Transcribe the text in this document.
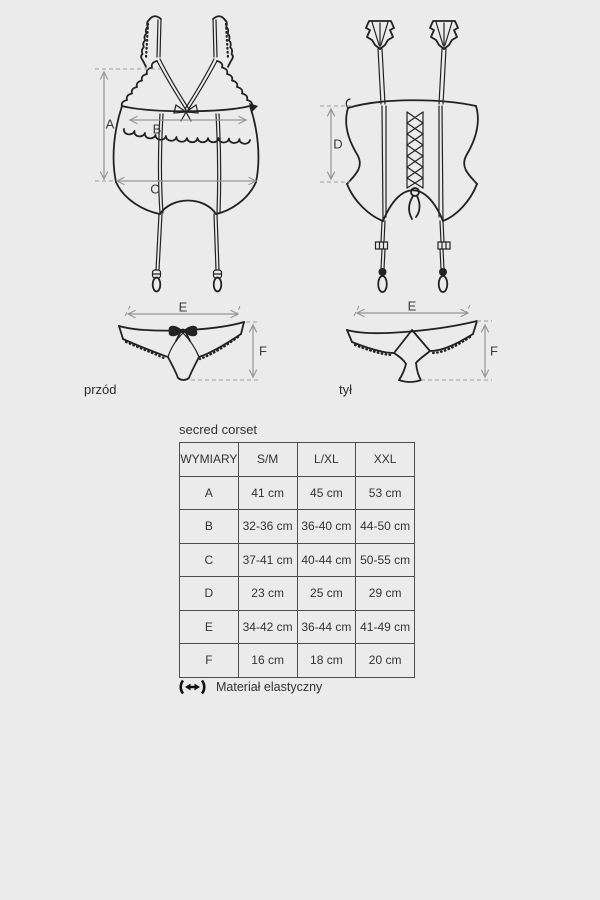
A	B
C
D
E
F
E
F
przód	tył
secred corset
WYMIARY	S/M	L/XL	XXL
A	41 cm	45 cm	53 cm
B	32-36 cm	36-40 cm	44-50 cm
C	37-41 cm	40-44 cm	50-55 cm
D	23 cm	25 cm	29 cm
E	34-42 cm	36-44 cm	41-49 cm
F	16 cm	18 cm	20 cm
Materiał elastyczny
